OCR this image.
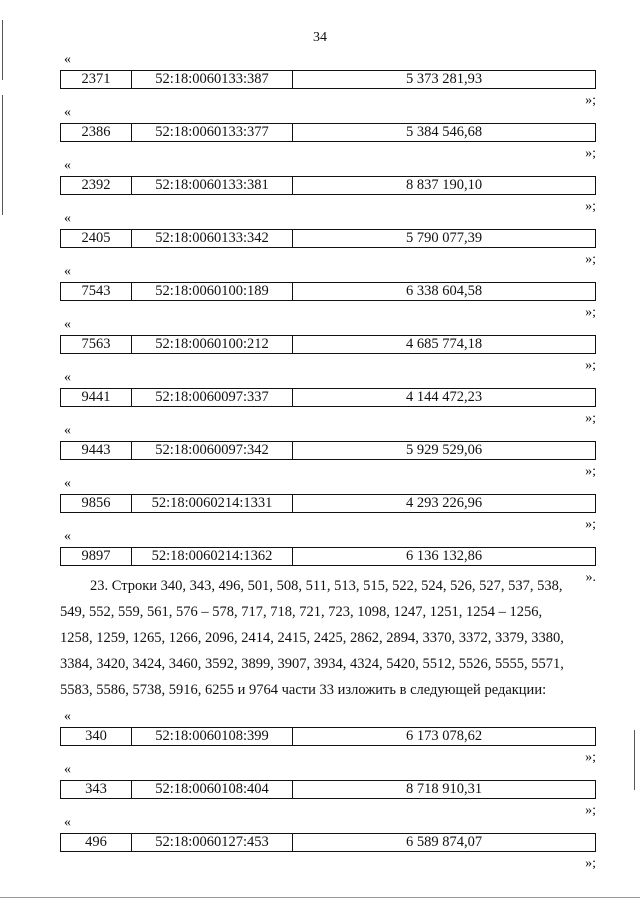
34
«
2371	52:18:0060133:387	5 373 281,93
»;
«
2386	52:18:0060133:377	5 384 546,68
»;
«
2392	52:18:0060133:381	8 837 190,10
»;
«
2405	52:18:0060133:342	5 790 077,39
»;
«
7543	52:18:0060100:189	6 338 604,58
»;
«
7563	52:18:0060100:212	4 685 774,18
»;
«
9441	52:18:0060097:337	4 144 472,23
»;
«
9443	52:18:0060097:342	5 929 529,06
»;
«
9856	52:18:0060214:1331	4 293 226,96
»;
«
9897	52:18:0060214:1362	6 136 132,86
».
23. Строки 340, 343, 496, 501, 508, 511, 513, 515, 522, 524, 526, 527, 537, 538,
549, 552, 559, 561, 576 – 578, 717, 718, 721, 723, 1098, 1247, 1251, 1254 – 1256,
1258, 1259, 1265, 1266, 2096, 2414, 2415, 2425, 2862, 2894, 3370, 3372, 3379, 3380,
3384, 3420, 3424, 3460, 3592, 3899, 3907, 3934, 4324, 5420, 5512, 5526, 5555, 5571,
5583, 5586, 5738, 5916, 6255 и 9764 части 33 изложить в следующей редакции:
«
340	52:18:0060108:399	6 173 078,62
»;
«
343	52:18:0060108:404	8 718 910,31
»;
«
496	52:18:0060127:453	6 589 874,07
»;
